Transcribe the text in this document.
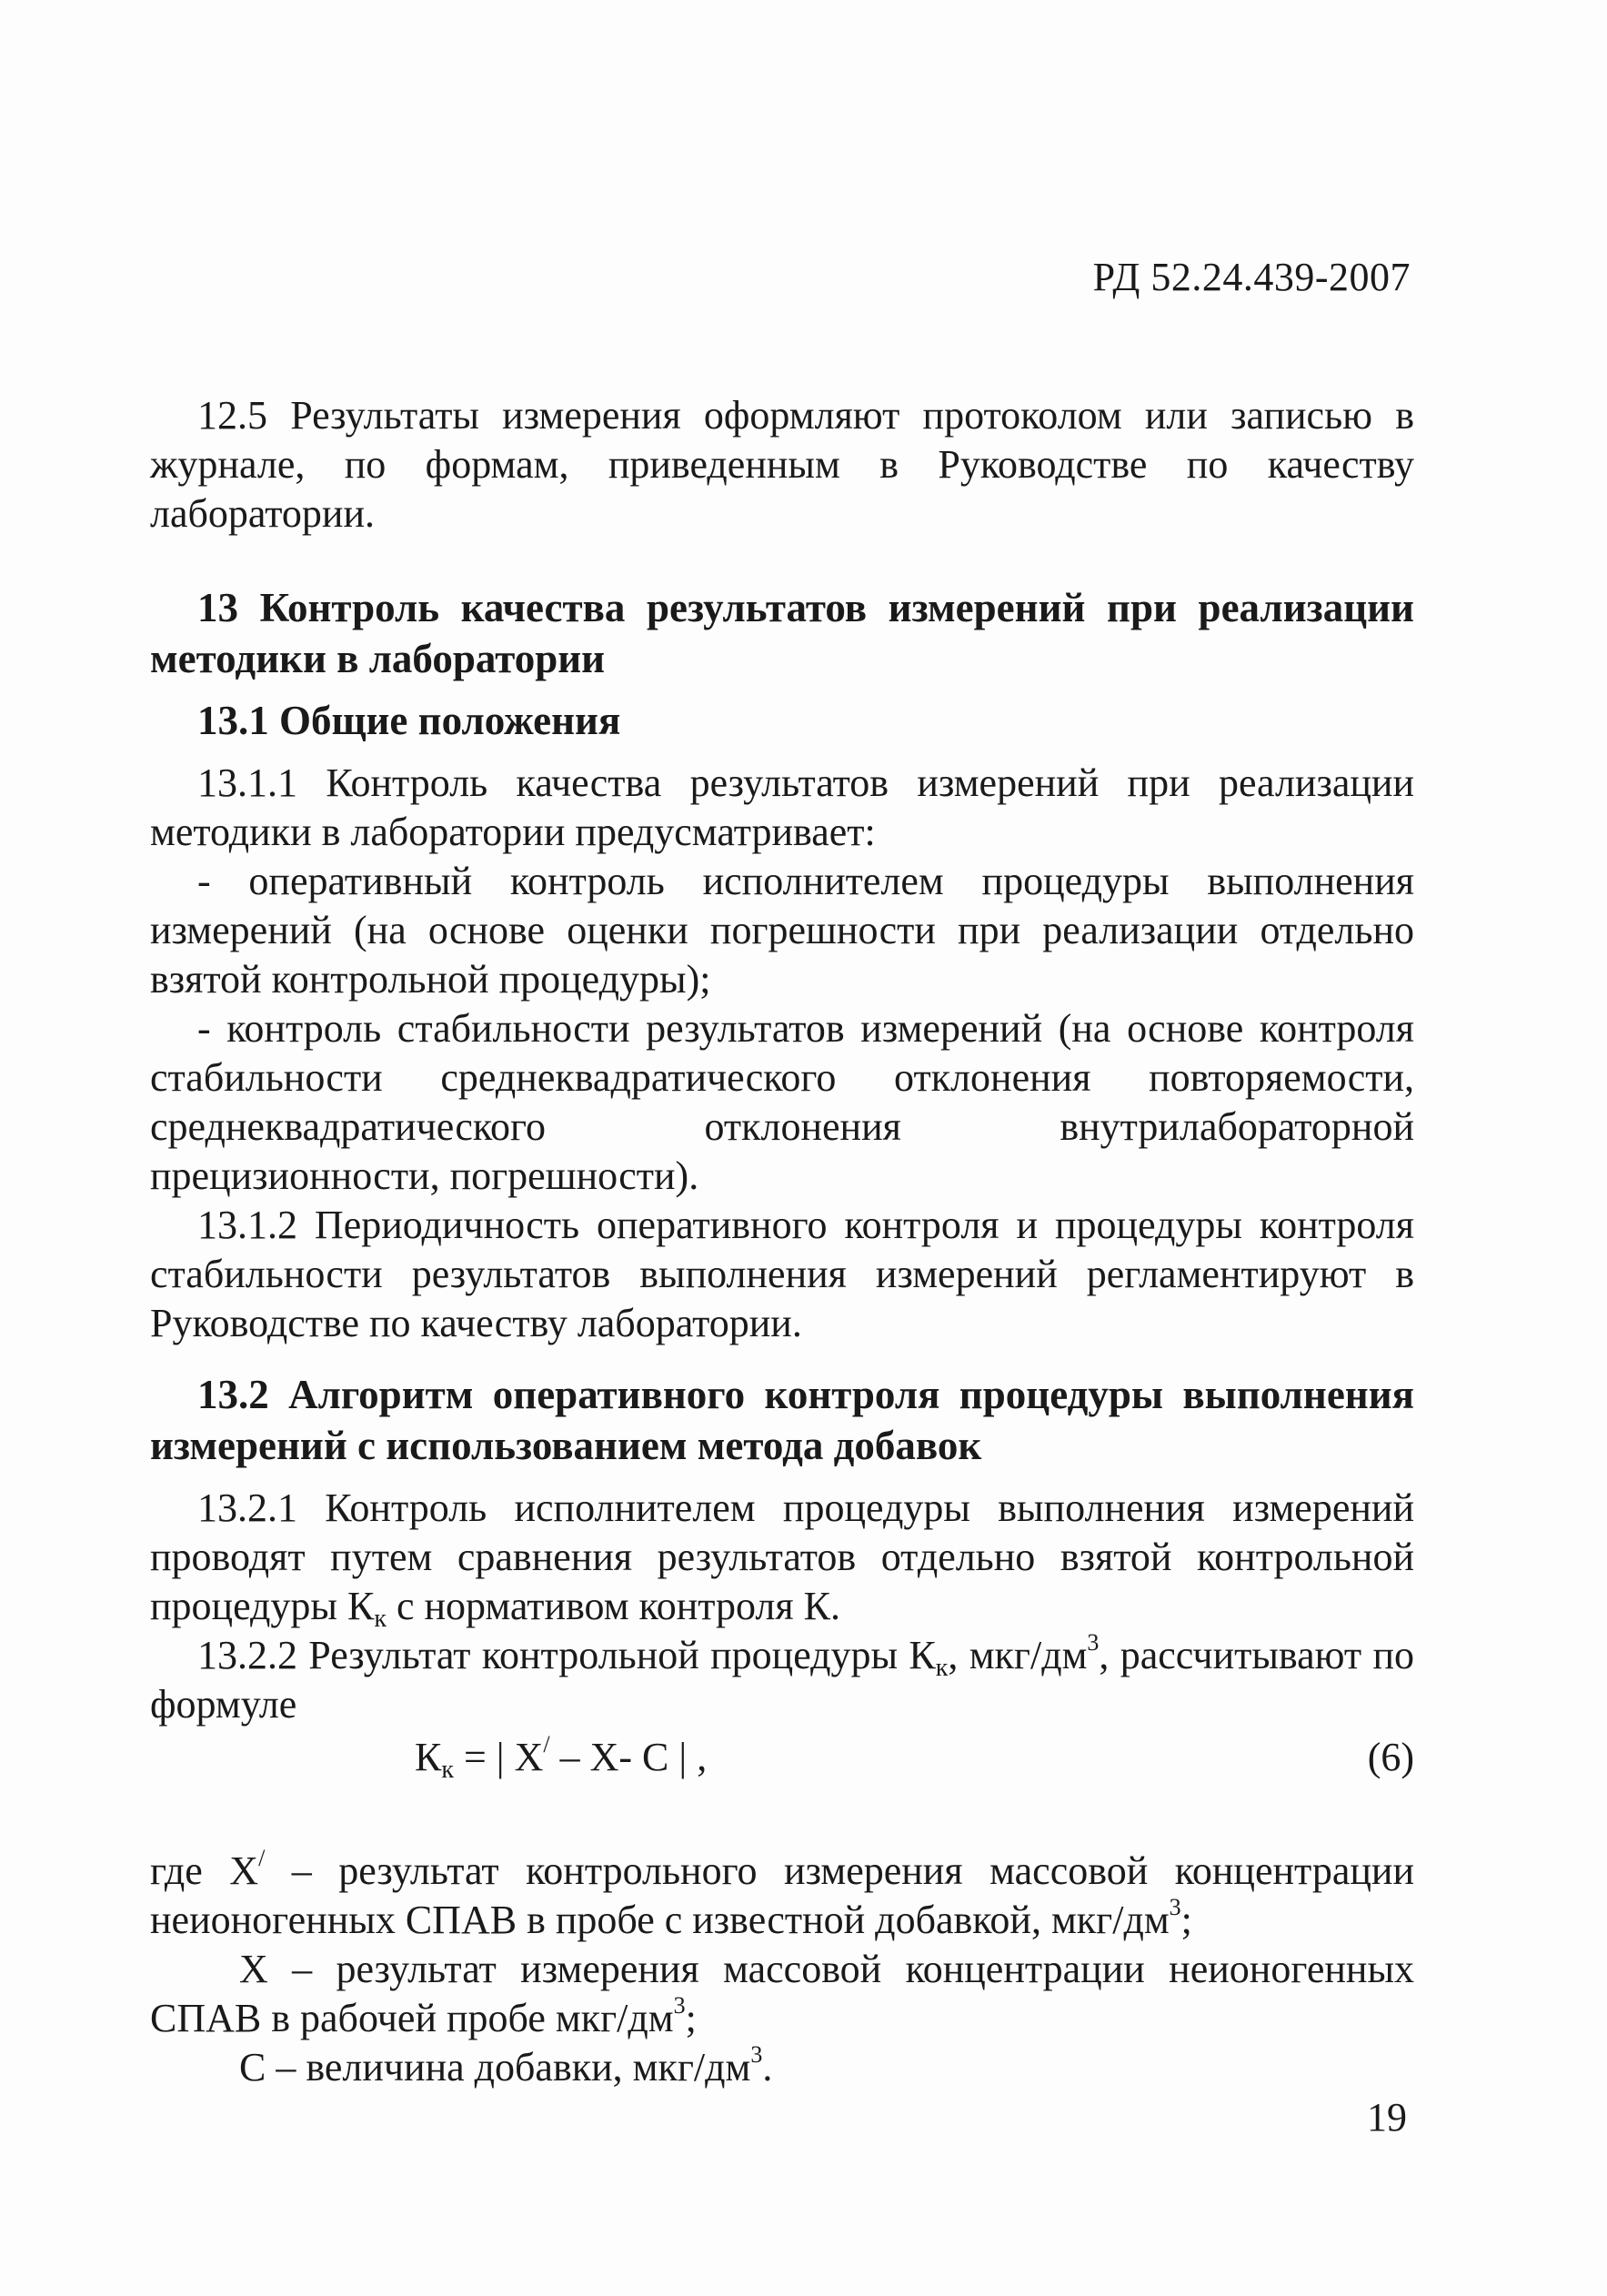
РД 52.24.439-2007

12.5 Результаты измерения оформляют протоколом или записью в журнале, по формам, приведенным в Руководстве по качеству лаборатории.

13 Контроль качества результатов измерений при реализации методики в лаборатории

13.1 Общие положения

13.1.1 Контроль качества результатов измерений при реализации методики в лаборатории предусматривает:

- оперативный контроль исполнителем процедуры выполнения измерений (на основе оценки погрешности при реализации отдельно взятой контрольной процедуры);

- контроль стабильности результатов измерений (на основе контроля стабильности среднеквадратического отклонения повторяемости, среднеквадратического отклонения внутрилабораторной прецизионности, погрешности).

13.1.2 Периодичность оперативного контроля и процедуры контроля стабильности результатов выполнения измерений регламентируют в Руководстве по качеству лаборатории.

13.2 Алгоритм оперативного контроля процедуры выполнения измерений с использованием метода добавок

13.2.1 Контроль исполнителем процедуры выполнения измерений проводят путем сравнения результатов отдельно взятой контрольной процедуры $К_к$ с нормативом контроля К.

13.2.2 Результат контрольной процедуры $К_к$, мкг/$дм^3$, рассчитывают по формуле

$К_к$ = | X/ – X- C | ,	(6)

где X/ – результат контрольного измерения массовой концентрации неионогенных СПАВ в пробе с известной добавкой, мкг/$дм^3$;

X – результат измерения массовой концентрации неионогенных СПАВ в рабочей пробе мкг/$дм^3$;

C – величина добавки, мкг/$дм^3$.

19
